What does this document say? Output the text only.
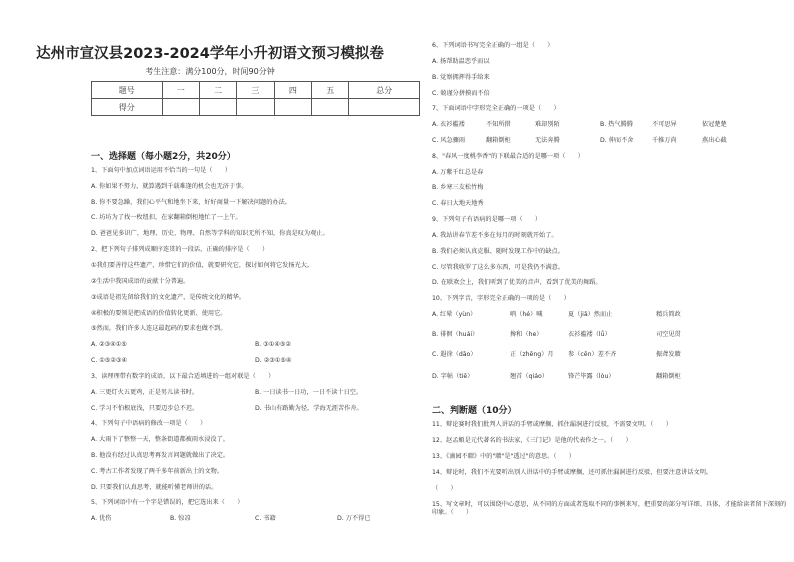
达州市宣汉县2023-2024学年小升初语文预习模拟卷
考生注意：满分100分，时间90分钟
题号	一	二	三	四	五	总分
得分						
一、选择题（每小题2分，共20分）
1、下面句中加点词语运用不恰当的一句是（　　）
A. 你如果不努力，就算遇到千载难逢的机会也无济于事。
B. 你不要急躁，我们心平气和地坐下来，好好商量一下解决问题的办法。
C. 坊坊为了找一枚纽扣，在家翻箱倒柜地忙了一上午。
D. 爸爸见多识广，地理、历史、物理、自然等学科的知识无所不知，你真是叹为观止。
2、把下列句子排列成顺序连贯的一段话，正确的排序是（　　）
①我们要善待这些遗产，珍惜它们的价值，就要研究它，探讨如何将它发扬光大。
②生活中我国成语的贡献十分普遍。
③成语是祖先留给我们的文化遗产，是传统文化的精华。
④积极的要领是把成语的价值转化更新、使用它。
⑤然而，我们许多人连这最起码的要求也做不到。
A. ②③④①⑤	B. ③①④⑤②
C. ①⑤②③④	D. ②③①⑤④
3、读理理带有数字的成语，以下最合适填进的一组对联是（　　）
A. 三更灯火五更鸡，正是男儿读书时。	B. 一日读书一日功，一日不读十日空。
C. 学习不怕根底浅，只要迈步总不迟。	D. 书山有路勤为径，学海无涯苦作舟。
4、下列句子中语病的修改一项是（　　）
A. 大雨下了整整一天，整条街道都被雨水浸没了。
B. 他没有经过认真思考再发言问题就做出了决定。
C. 考古工作者发现了两千多年前新出土的文物。
D. 只要我们认真思考，就能听懂老师讲的话。
5、下列词语中有一个字是错误的，把它选出来（　　）
A. 优伤	B. 惊凉	C. 书籍	D. 万不得已
6、下列词语书写完全正确的一组是（　　）
A. 扬帮助温恋乎而以
B. 觉察拥挥得手给来
C. 兢谨分拼摸而不倍
7、下面词语中字形完全正确的一项是（　　）
A. 衣衫褴褛	不知所措	难却别陌	B. 热气腾腾	不可思异	依冠楚楚
C. 风急骤雨	翻箱倒柜	无法奔腾	D. 伸而不舍	千推万尚	燕出心截
8、"春风一度桃李香"的下联最合适的是哪一项（　　）
A. 万紫千红总是春
B. 乡寒三友松竹梅
C. 春日大地天地秀
9、下列句子有语病的是哪一项（　　）
A. 我站讲春节差不多在每月的时刻就开始了。
B. 我们必须认真克服、随时发现工作中的缺点。
C. 尽管我收罗了这么多东西，可是我仍不满意。
D. 在联欢会上，我们听到了优美的音声，看到了优美的舞蹈。
10、下列字音，字形完全正确的一项的是（　　）
A. 红晕（yùn）	吶（hé）喊	夏（jiǎ）然而止	精兵简政
B. 徘徊（huái）	搀和（he）	衣衫褴褛（lǚ）	司空见贯
C. 遐徐（dāo）	正（zhēng）月 参（cēn）差不齐	振聋发聩
D. 字帖（tiē）	翘首（qiáo）	锋芒毕露（lòu）	翻箱倒柜
二、判断题（10分）
11、辩论赛时我们批判人讲话的手臂或摩搁，抓住漏洞进行反驳，不需要文明。（　　）
12、赵孟頫是元代著名的书法家，《三门记》是他的代表作之一。（　　）
13、《滴园不聩》中的"聩"是"透过"的意思。（　　）
14、辩论时，我们不光要听出别人讲话中的手臂或摩搁，还可抓住漏洞进行反驳，但要注意讲话文明。
（　　）
15、写文章时，可以围绕中心意思，从不同的方面或者选取不同的事例来写，把重要的部分写详细、具体，才能给读者留下深刻的印象。（　　）
